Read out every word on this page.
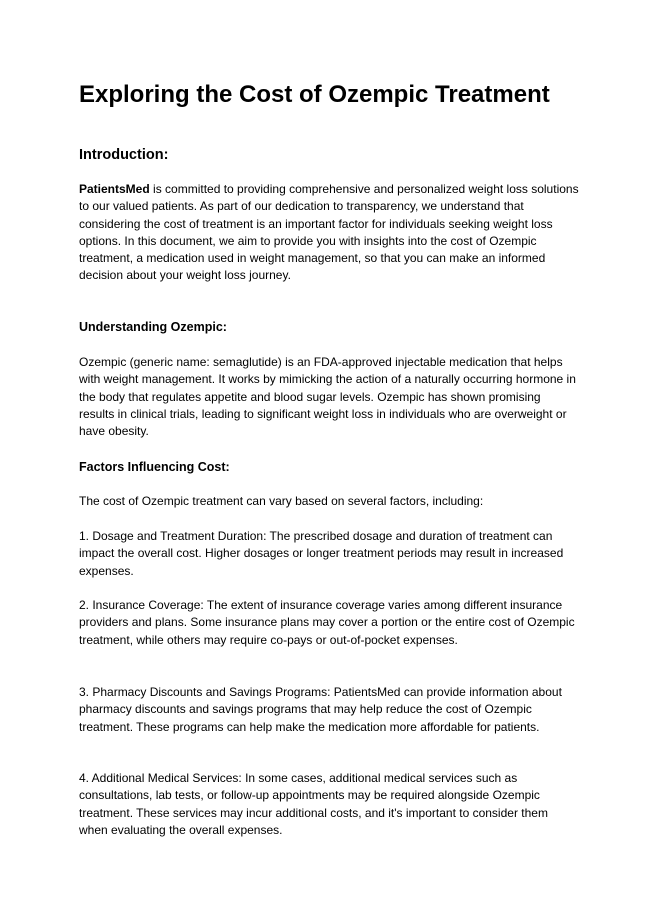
Exploring the Cost of Ozempic Treatment
Introduction:

PatientsMed is committed to providing comprehensive and personalized weight loss solutions to our valued patients. As part of our dedication to transparency, we understand that considering the cost of treatment is an important factor for individuals seeking weight loss options. In this document, we aim to provide you with insights into the cost of Ozempic treatment, a medication used in weight management, so that you can make an informed decision about your weight loss journey.

Understanding Ozempic:

Ozempic (generic name: semaglutide) is an FDA-approved injectable medication that helps with weight management. It works by mimicking the action of a naturally occurring hormone in the body that regulates appetite and blood sugar levels. Ozempic has shown promising results in clinical trials, leading to significant weight loss in individuals who are overweight or have obesity.

Factors Influencing Cost:

The cost of Ozempic treatment can vary based on several factors, including:

1. Dosage and Treatment Duration: The prescribed dosage and duration of treatment can impact the overall cost. Higher dosages or longer treatment periods may result in increased expenses.

2. Insurance Coverage: The extent of insurance coverage varies among different insurance providers and plans. Some insurance plans may cover a portion or the entire cost of Ozempic treatment, while others may require co-pays or out-of-pocket expenses.

3. Pharmacy Discounts and Savings Programs: PatientsMed can provide information about pharmacy discounts and savings programs that may help reduce the cost of Ozempic treatment. These programs can help make the medication more affordable for patients.

4. Additional Medical Services: In some cases, additional medical services such as consultations, lab tests, or follow-up appointments may be required alongside Ozempic treatment. These services may incur additional costs, and it's important to consider them when evaluating the overall expenses.
